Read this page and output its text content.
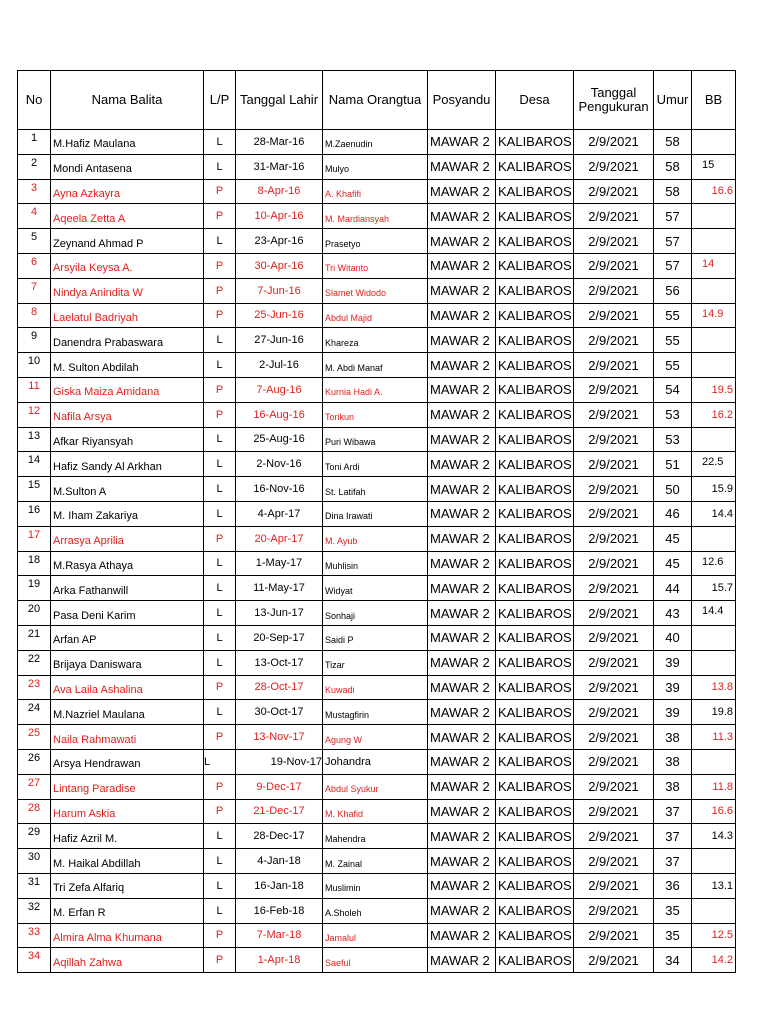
No	Nama Balita	L/P	Tanggal Lahir	Nama Orangtua	Posyandu	Desa	Tanggal Pengukuran	Umur	BB
1	M.Hafiz Maulana	L	28-Mar-16	M.Zaenudin	MAWAR 2	KALIBAROS	2/9/2021	58	
2	Mondi Antasena	L	31-Mar-16	Mulyo	MAWAR 2	KALIBAROS	2/9/2021	58	15
3	Ayna Azkayra	P	8-Apr-16	A. Khafifi	MAWAR 2	KALIBAROS	2/9/2021	58	16.6
4	Aqeela Zetta A	P	10-Apr-16	M. Mardiansyah	MAWAR 2	KALIBAROS	2/9/2021	57	
5	Zeynand Ahmad P	L	23-Apr-16	Prasetyo	MAWAR 2	KALIBAROS	2/9/2021	57	
6	Arsyila Keysa A.	P	30-Apr-16	Tri Witanto	MAWAR 2	KALIBAROS	2/9/2021	57	14
7	Nindya Anindita W	P	7-Jun-16	Slamet Widodo	MAWAR 2	KALIBAROS	2/9/2021	56	
8	Laelatul Badriyah	P	25-Jun-16	Abdul Majid	MAWAR 2	KALIBAROS	2/9/2021	55	14.9
9	Danendra Prabaswara	L	27-Jun-16	Khareza	MAWAR 2	KALIBAROS	2/9/2021	55	
10	M. Sulton Abdilah	L	2-Jul-16	M. Abdi Manaf	MAWAR 2	KALIBAROS	2/9/2021	55	
11	Giska Maiza Amidana	P	7-Aug-16	Kurnia Hadi A.	MAWAR 2	KALIBAROS	2/9/2021	54	19.5
12	Nafila Arsya	P	16-Aug-16	Torikun	MAWAR 2	KALIBAROS	2/9/2021	53	16.2
13	Afkar Riyansyah	L	25-Aug-16	Puri Wibawa	MAWAR 2	KALIBAROS	2/9/2021	53	
14	Hafiz Sandy Al Arkhan	L	2-Nov-16	Toni Ardi	MAWAR 2	KALIBAROS	2/9/2021	51	22.5
15	M.Sulton A	L	16-Nov-16	St. Latifah	MAWAR 2	KALIBAROS	2/9/2021	50	15.9
16	M. Iham Zakariya	L	4-Apr-17	Dina Irawati	MAWAR 2	KALIBAROS	2/9/2021	46	14.4
17	Arrasya Aprilia	P	20-Apr-17	M. Ayub	MAWAR 2	KALIBAROS	2/9/2021	45	
18	M.Rasya Athaya	L	1-May-17	Muhlisin	MAWAR 2	KALIBAROS	2/9/2021	45	12.6
19	Arka Fathanwill	L	11-May-17	Widyat	MAWAR 2	KALIBAROS	2/9/2021	44	15.7
20	Pasa Deni Karim	L	13-Jun-17	Sonhaji	MAWAR 2	KALIBAROS	2/9/2021	43	14.4
21	Arfan AP	L	20-Sep-17	Saidi P	MAWAR 2	KALIBAROS	2/9/2021	40	
22	Brijaya Daniswara	L	13-Oct-17	Tizar	MAWAR 2	KALIBAROS	2/9/2021	39	
23	Ava Laila Ashalina	P	28-Oct-17	Kuwadi	MAWAR 2	KALIBAROS	2/9/2021	39	13.8
24	M.Nazriel Maulana	L	30-Oct-17	Mustagfirin	MAWAR 2	KALIBAROS	2/9/2021	39	19.8
25	Naila Rahmawati	P	13-Nov-17	Agung W	MAWAR 2	KALIBAROS	2/9/2021	38	11.3
26	Arsya Hendrawan	L	19-Nov-17	Johandra	MAWAR 2	KALIBAROS	2/9/2021	38	
27	Lintang Paradise	P	9-Dec-17	Abdul Syukur	MAWAR 2	KALIBAROS	2/9/2021	38	11.8
28	Harum Askia	P	21-Dec-17	M. Khafid	MAWAR 2	KALIBAROS	2/9/2021	37	16.6
29	Hafiz Azril M.	L	28-Dec-17	Mahendra	MAWAR 2	KALIBAROS	2/9/2021	37	14.3
30	M. Haikal Abdillah	L	4-Jan-18	M. Zainal	MAWAR 2	KALIBAROS	2/9/2021	37	
31	Tri Zefa Alfariq	L	16-Jan-18	Muslimin	MAWAR 2	KALIBAROS	2/9/2021	36	13.1
32	M. Erfan R	L	16-Feb-18	A.Sholeh	MAWAR 2	KALIBAROS	2/9/2021	35	
33	Almira Alma Khumana	P	7-Mar-18	Jamalul	MAWAR 2	KALIBAROS	2/9/2021	35	12.5
34	Aqillah Zahwa	P	1-Apr-18	Saeful	MAWAR 2	KALIBAROS	2/9/2021	34	14.2
